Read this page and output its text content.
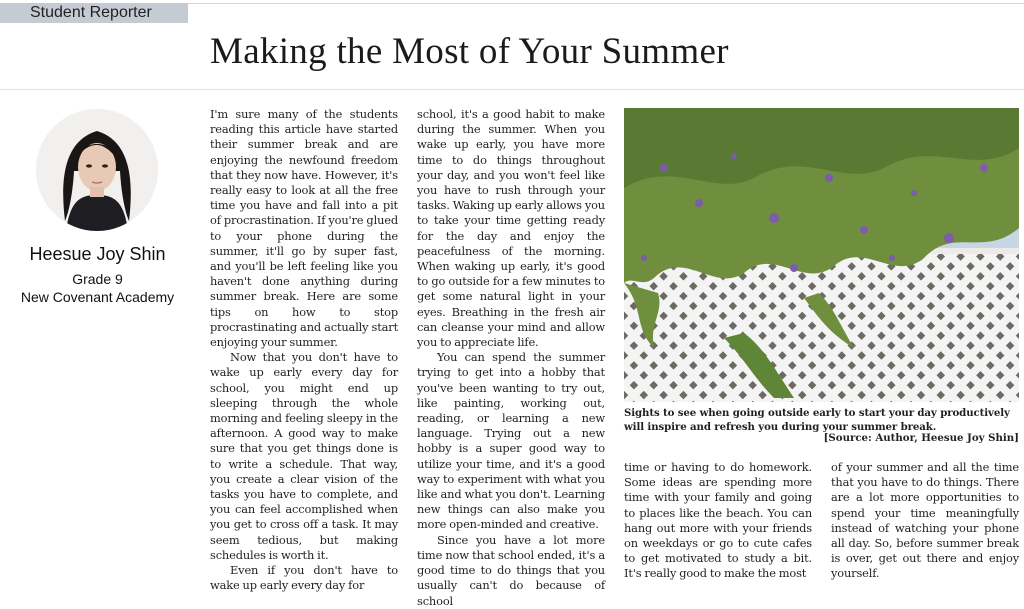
Student Reporter
Making the Most of Your Summer
Heesue Joy Shin
Grade 9
New Covenant Academy

I'm sure many of the students reading this article have started their summer break and are enjoying the newfound freedom that they now have. However, it's really easy to look at all the free time you have and fall into a pit of procrastination. If you're glued to your phone during the summer, it'll go by super fast, and you'll be left feeling like you haven't done anything during summer break. Here are some tips on how to stop procrastinating and actually start enjoying your summer.

Now that you don't have to wake up early every day for school, you might end up sleeping through the whole morning and feeling sleepy in the afternoon. A good way to make sure that you get things done is to write a schedule. That way, you create a clear vision of the tasks you have to complete, and you can feel accomplished when you get to cross off a task. It may seem tedious, but making schedules is worth it.

Even if you don't have to wake up early every day for

school, it's a good habit to make during the summer. When you wake up early, you have more time to do things throughout your day, and you won't feel like you have to rush through your tasks. Waking up early allows you to take your time getting ready for the day and enjoy the peacefulness of the morning. When waking up early, it's good to go outside for a few minutes to get some natural light in your eyes. Breathing in the fresh air can cleanse your mind and allow you to appreciate life.

You can spend the summer trying to get into a hobby that you've been wanting to try out, like painting, working out, reading, or learning a new language. Trying out a new hobby is a super good way to utilize your time, and it's a good way to experiment with what you like and what you don't. Learning new things can also make you more open-minded and creative.

Since you have a lot more time now that school ended, it's a good time to do things that you usually can't do because of school

Sights to see when going outside early to start your day productively will inspire and refresh you during your summer break.
[Source: Author, Heesue Joy Shin]

time or having to do homework. Some ideas are spending more time with your family and going to places like the beach. You can hang out more with your friends on weekdays or go to cute cafes to get motivated to study a bit. It's really good to make the most

of your summer and all the time that you have to do things. There are a lot more opportunities to spend your time meaningfully instead of watching your phone all day. So, before summer break is over, get out there and enjoy yourself.
